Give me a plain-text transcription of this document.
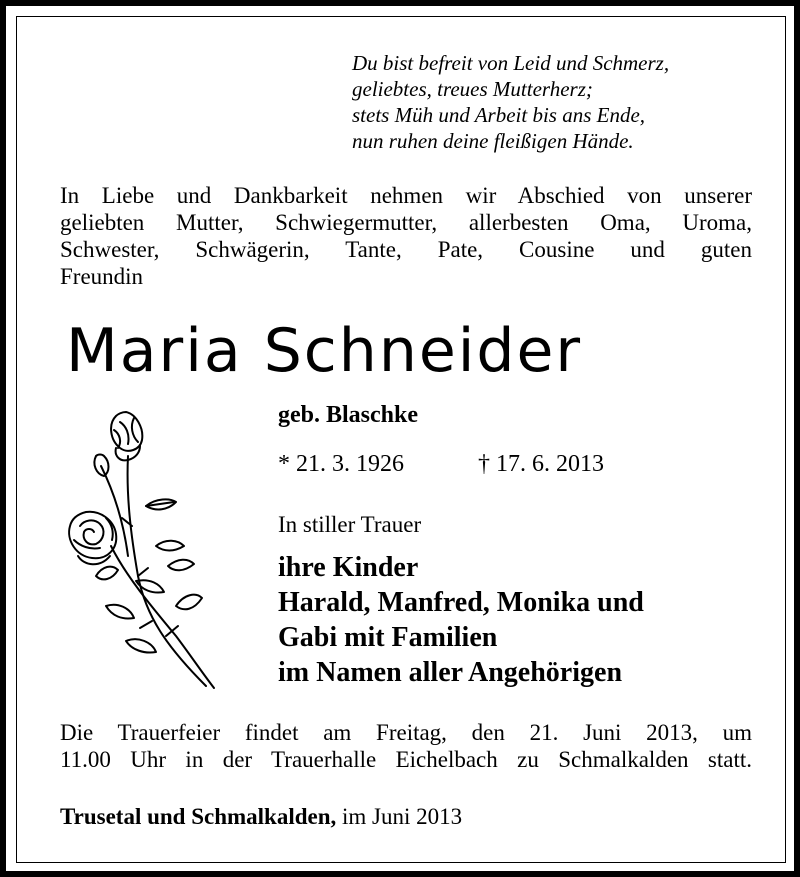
Du bist befreit von Leid und Schmerz,
geliebtes, treues Mutterherz;
stets Müh und Arbeit bis ans Ende,
nun ruhen deine fleißigen Hände.
In Liebe und Dankbarkeit nehmen wir Abschied von unserer
geliebten Mutter, Schwiegermutter, allerbesten Oma, Uroma,
Schwester, Schwägerin, Tante, Pate, Cousine und guten
Freundin
Maria Schneider
geb. Blaschke
* 21. 3. 1926	† 17. 6. 2013
In stiller Trauer
ihre Kinder
Harald, Manfred, Monika und
Gabi mit Familien
im Namen aller Angehörigen
Die Trauerfeier findet am Freitag, den 21. Juni 2013, um
11.00 Uhr in der Trauerhalle Eichelbach zu Schmalkalden statt.
Trusetal und Schmalkalden, im Juni 2013
